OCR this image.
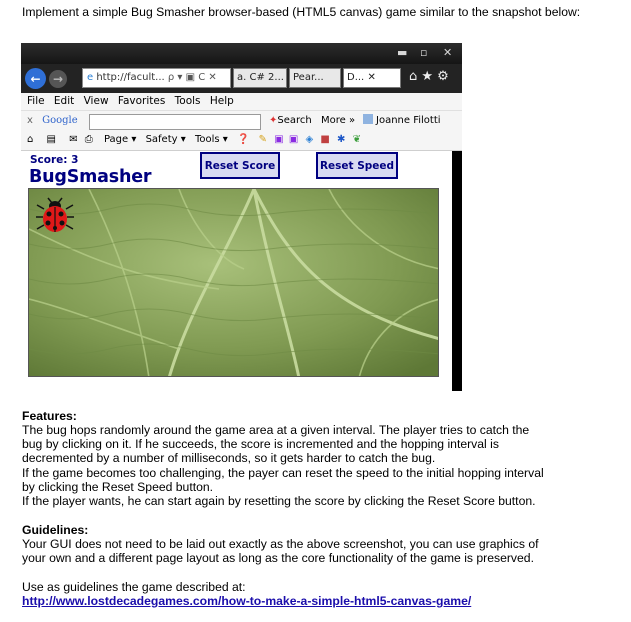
Implement a simple Bug Smasher browser-based (HTML5 canvas) game similar to the snapshot below:

▬ ▫ ✕
←	→	e http://facult... ρ ▾ ▣ C ✕	a. C# 2... Pear...	D... ✕	⌂ ★ ⚙
File Edit View Favorites Tools Help
x Google	✦Search More »	Joanne Filotti
⌂ ▤ ✉ ⎙ Page ▾ Safety ▾ Tools ▾ ❓ ✎ ▣ ▣ ◈ ■ ✱ ❦
Score: 3
BugSmasher
Reset Score	Reset Speed

Features:

The bug hops randomly around the game area at a given interval. The player tries to catch the

bug by clicking on it. If he succeeds, the score is incremented and the hopping interval is

decremented by a number of milliseconds, so it gets harder to catch the bug.

If the game becomes too challenging, the payer can reset the speed to the initial hopping interval

by clicking the Reset Speed button.

If the player wants, he can start again by resetting the score by clicking the Reset Score button.

Guidelines:

Your GUI does not need to be laid out exactly as the above screenshot, you can use graphics of

your own and a different page layout as long as the core functionality of the game is preserved.

Use as guidelines the game described at:

http://www.lostdecadegames.com/how-to-make-a-simple-html5-canvas-game/
